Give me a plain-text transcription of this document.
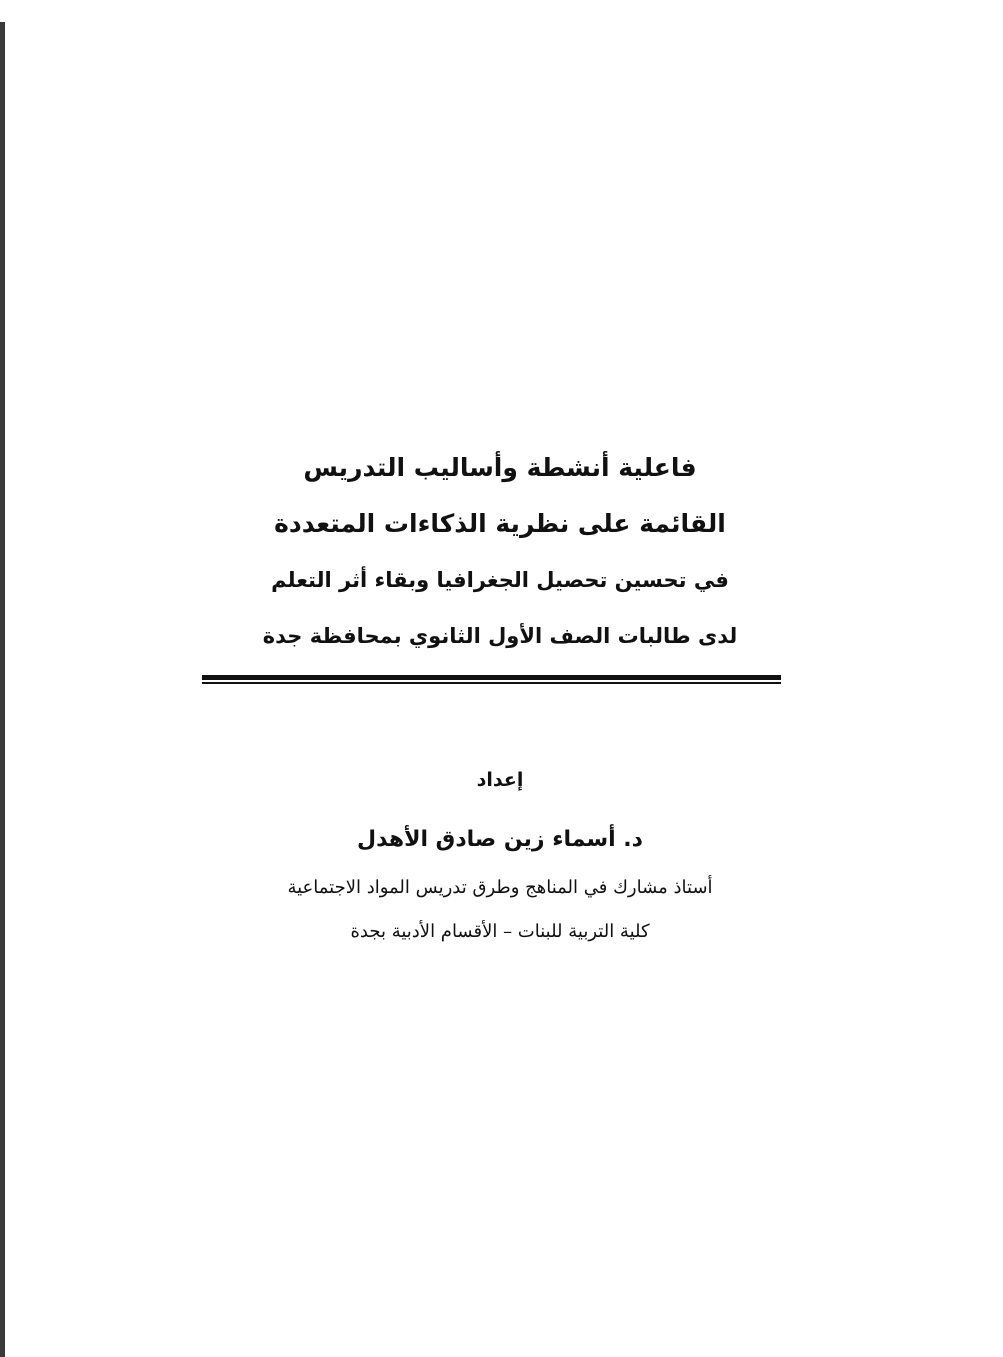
فاعلية أنشطة وأساليب التدريس
القائمة على نظرية الذكاءات المتعددة
في تحسين تحصيل الجغرافيا وبقاء أثر التعلم
لدى طالبات الصف الأول الثانوي بمحافظة جدة
إعداد
د. أسماء زين صادق الأهدل
أستاذ مشارك في المناهج وطرق تدريس المواد الاجتماعية
كلية التربية للبنات – الأقسام الأدبية بجدة
